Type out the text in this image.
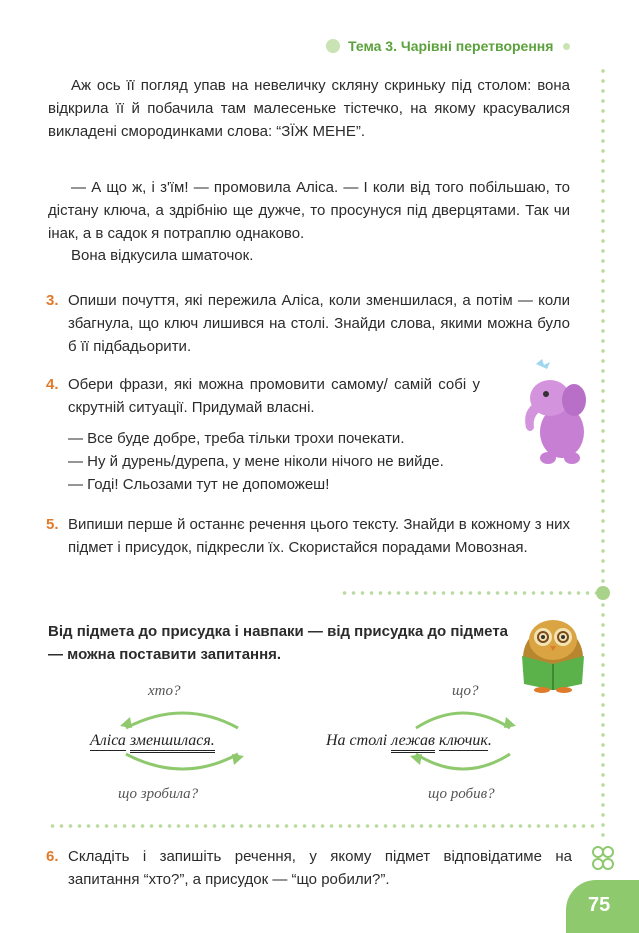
Тема 3. Чарівні перетворення
Аж ось її погляд упав на невеличку скляну скриньку під столом: вона відкрила її й побачила там малесеньке тістечко, на якому красувалися викладені смородинками слова: “ЗЇЖ МЕНЕ”.
— А що ж, і з'їм! — промовила Аліса. — І коли від того побільшаю, то дістану ключа, а здрібнію ще дужче, то просунуся під дверцятами. Так чи інак, а в садок я потраплю однаково.
Вона відкусила шматочок.
3. Опиши почуття, які пережила Аліса, коли зменшилася, а потім — коли збагнула, що ключ лишився на столі. Знайди слова, якими можна було б її підбадьорити.
4. Обери фрази, які можна промовити самому/ самій собі у скрутній ситуації. Придумай власні.
— Все буде добре, треба тільки трохи почекати.
— Ну й дурень/дурепа, у мене ніколи нічого не вийде.
— Годі! Сльозами тут не допоможеш!
5. Випиши перше й останнє речення цього тексту. Знайди в кожному з них підмет і присудок, підкресли їх. Скористайся порадами Мовозная.
Від підмета до присудка і навпаки — від присудка до підмета — можна поставити запитання.
хто?
Аліса зменшилася.
що зробила?
що?
На столі лежав ключик.
що робив?
6. Складіть і запишіть речення, у якому підмет відповідатиме на запитання “хто?”, а присудок — “що робили?”.
75
